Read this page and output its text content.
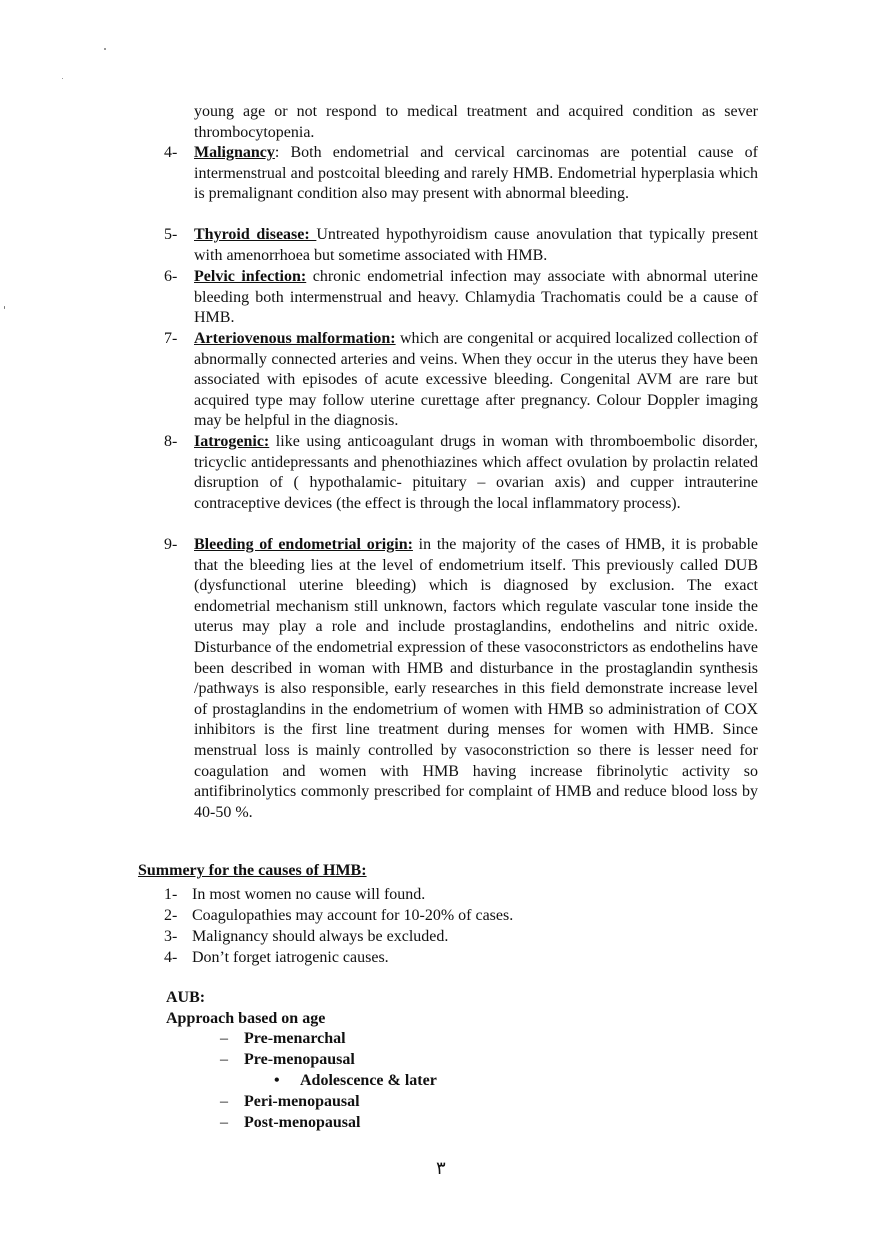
young age or not respond to medical treatment and acquired condition as sever thrombocytopenia.
4- Malignancy: Both endometrial and cervical carcinomas are potential cause of intermenstrual and postcoital bleeding and rarely HMB. Endometrial hyperplasia which is premalignant condition also may present with abnormal bleeding.
5- Thyroid disease: Untreated hypothyroidism cause anovulation that typically present with amenorrhoea but sometime associated with HMB.
6- Pelvic infection: chronic endometrial infection may associate with abnormal uterine bleeding both intermenstrual and heavy. Chlamydia Trachomatis could be a cause of HMB.
7- Arteriovenous malformation: which are congenital or acquired localized collection of abnormally connected arteries and veins. When they occur in the uterus they have been associated with episodes of acute excessive bleeding. Congenital AVM are rare but acquired type may follow uterine curettage after pregnancy. Colour Doppler imaging may be helpful in the diagnosis.
8- Iatrogenic: like using anticoagulant drugs in woman with thromboembolic disorder, tricyclic antidepressants and phenothiazines which affect ovulation by prolactin related disruption of ( hypothalamic- pituitary – ovarian axis) and cupper intrauterine contraceptive devices (the effect is through the local inflammatory process).
9- Bleeding of endometrial origin: in the majority of the cases of HMB, it is probable that the bleeding lies at the level of endometrium itself. This previously called DUB (dysfunctional uterine bleeding) which is diagnosed by exclusion. The exact endometrial mechanism still unknown, factors which regulate vascular tone inside the uterus may play a role and include prostaglandins, endothelins and nitric oxide. Disturbance of the endometrial expression of these vasoconstrictors as endothelins have been described in woman with HMB and disturbance in the prostaglandin synthesis /pathways is also responsible, early researches in this field demonstrate increase level of prostaglandins in the endometrium of women with HMB so administration of COX inhibitors is the first line treatment during menses for women with HMB. Since menstrual loss is mainly controlled by vasoconstriction so there is lesser need for coagulation and women with HMB having increase fibrinolytic activity so antifibrinolytics commonly prescribed for complaint of HMB and reduce blood loss by 40-50 %.
Summery for the causes of HMB:
1- In most women no cause will found.
2- Coagulopathies may account for 10-20% of cases.
3- Malignancy should always be excluded.
4- Don’t forget iatrogenic causes.
AUB:
Approach based on age
– Pre-menarchal
– Pre-menopausal
• Adolescence & later
– Peri-menopausal
– Post-menopausal
٣
